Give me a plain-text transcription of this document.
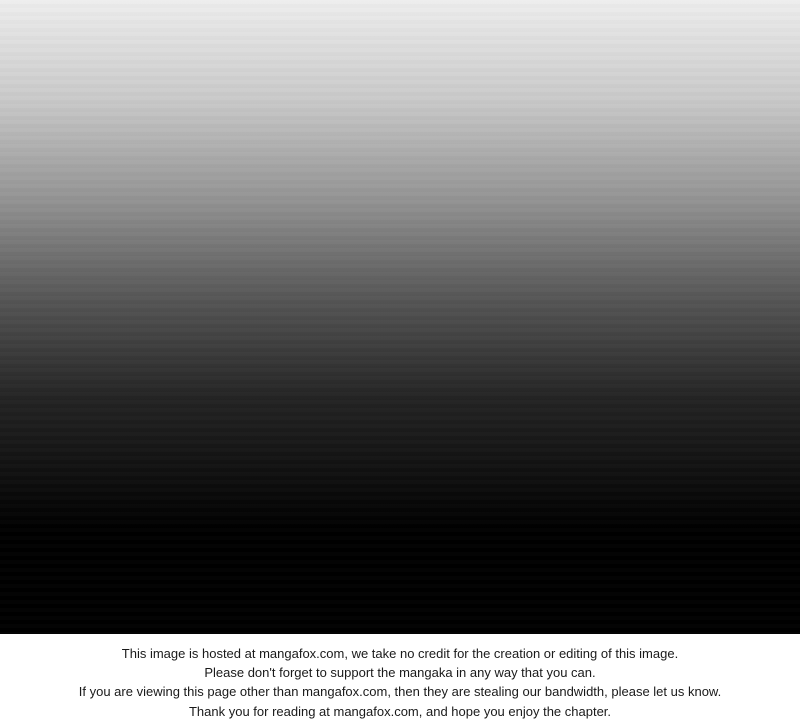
This image is hosted at mangafox.com, we take no credit for the creation or editing of this image.

Please don't forget to support the mangaka in any way that you can.

If you are viewing this page other than mangafox.com, then they are stealing our bandwidth, please let us know.

Thank you for reading at mangafox.com, and hope you enjoy the chapter.
